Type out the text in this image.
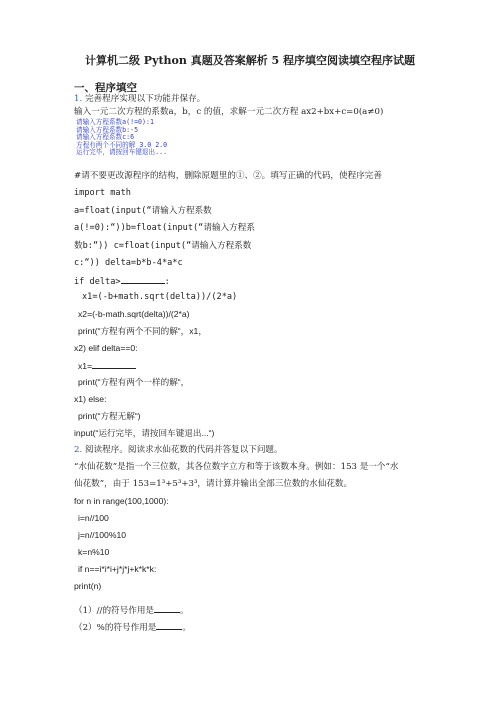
计算机二级 Python 真题及答案解析 5 程序填空阅读填空程序试题
一、程序填空
1. 完善程序实现以下功能并保存。
输入一元二次方程的系数a，b，c 的值，求解一元二次方程 ax2+bx+c=0(a≠0)
请输入方程系数a(!=0):1
请输入方程系数b:-5
请输入方程系数c:6
方程有两个不同的解 3.0 2.0
运行完毕，请按回车键退出...
#请不要更改源程序的结构，删除原题里的①、②。填写正确的代码，使程序完善
import math
a=float(input(“请输入方程系数
a(!=0):“))b=float(input(“请输入方程系
数b:“)) c=float(input(“请输入方程系数
c:“)) delta=b*b-4*a*c
if delta>	:
x1=(-b+math.sqrt(delta))/(2*a)
x2=(-b-math.sqrt(delta))/(2*a)
print(“方程有两个不同的解“，x1，
x2) elif delta==0:
x1=
print(“方程有两个一样的解“，
x1) else:
print(“方程无解“)
input(“运行完毕，请按回车键退出...“)
2. 阅读程序。阅读求水仙花数的代码并答复以下问题。
“水仙花数”是指一个三位数，其各位数字立方和等于该数本身。例如：153 是一个“水
仙花数”，由于 153=1³+5³+3³，请计算并输出全部三位数的水仙花数。
for n in range(100,1000):
i=n//100
j=n//100%10
k=n%10
if n==i*i*i+j*j*j+k*k*k:
print(n)
（1）//的符号作用是	。
（2）%的符号作用是	。
